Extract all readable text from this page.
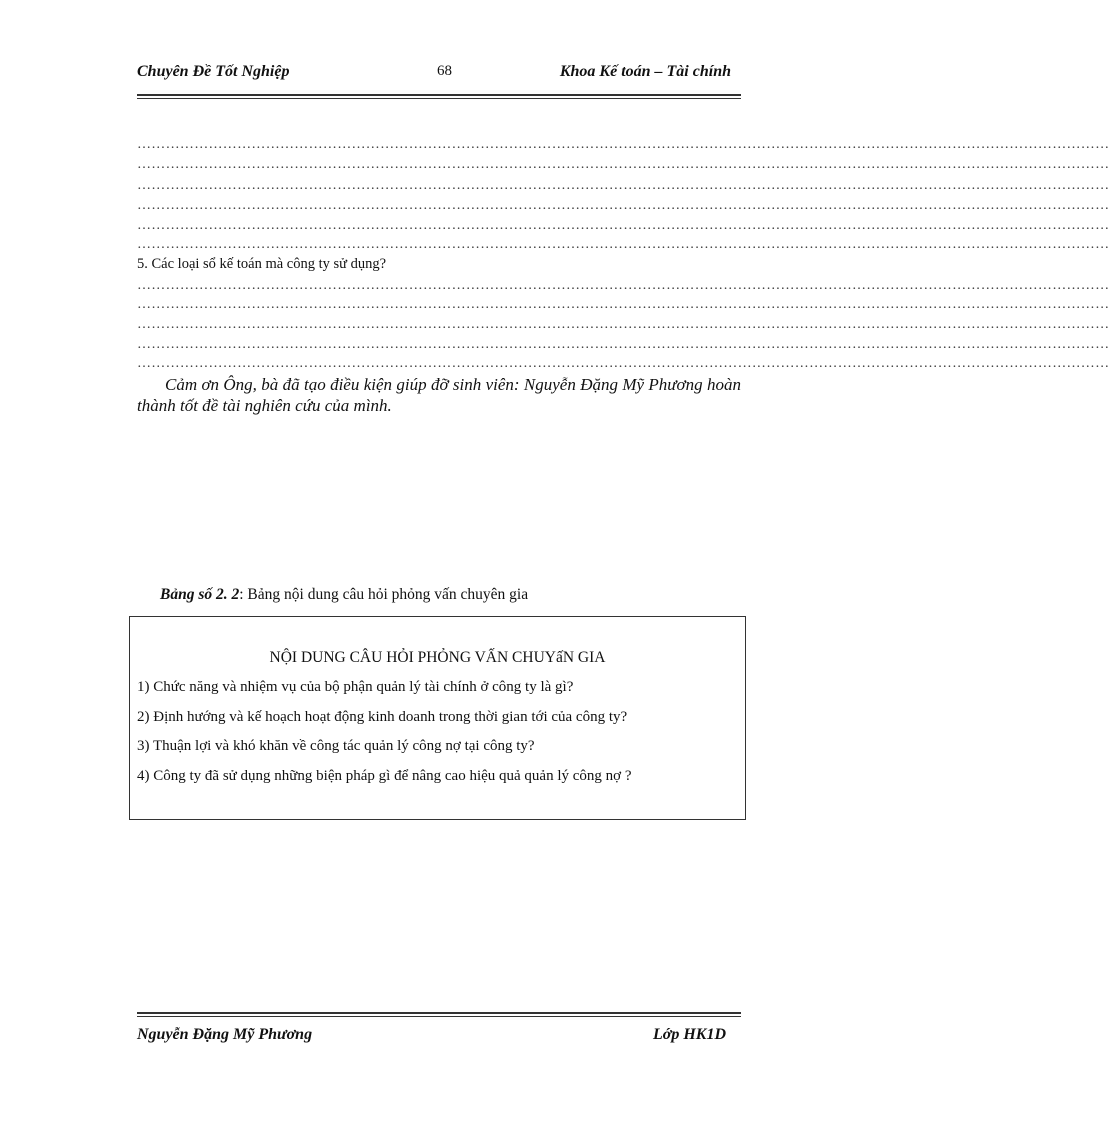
Chuyên Đề Tốt Nghiệp	68	Khoa Kế toán – Tài chính
……………………………………………………………………………………………………………………………………………………………………………………
……………………………………………………………………………………………………………………………………………………………………………………
……………………………………………………………………………………………………………………………………………………………………………………
……………………………………………………………………………………………………………………………………………………………………………………
……………………………………………………………………………………………………………………………………………………………………………………
……………………………………………………………………………………………………………………………………………………………………………………
5. Các loại sổ kế toán mà công ty sử dụng?
……………………………………………………………………………………………………………………………………………………………………………………
……………………………………………………………………………………………………………………………………………………………………………………
……………………………………………………………………………………………………………………………………………………………………………………
……………………………………………………………………………………………………………………………………………………………………………………
……………………………………………………………………………………………………………………………………………………………………………………
Cảm ơn Ông, bà đã tạo điều kiện giúp đỡ sinh viên: Nguyễn Đặng Mỹ Phương hoàn thành tốt đề tài nghiên cứu của mình.
Bảng số 2. 2: Bảng nội dung câu hỏi phỏng vấn chuyên gia
NỘI DUNG CÂU HỎI PHỎNG VẤN CHUYấN GIA
1) Chức năng và nhiệm vụ của bộ phận quản lý tài chính ở công ty là gì?
2) Định hướng và kế hoạch hoạt động kinh doanh trong thời gian tới của công ty?
3) Thuận lợi và khó khăn về công tác quản lý công nợ tại công ty?
4) Công ty đã sử dụng những biện pháp gì để nâng cao hiệu quả quản lý công nợ ?
Nguyễn Đặng Mỹ Phương	Lớp HK1D
